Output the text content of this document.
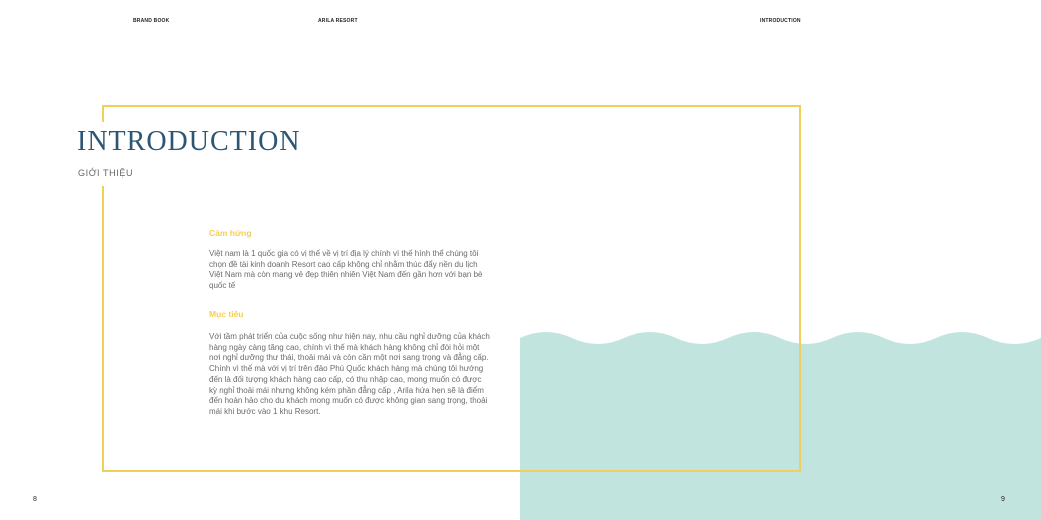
BRAND BOOK	ARILA RESORT	INTRODUCTION
INTRODUCTION
GIỚI THIỆU
Cảm hứng

Việt nam là 1 quốc gia có vị thế về vị trí địa lý chính vì thế hình thể chúng tôi chọn đề tài kinh doanh Resort cao cấp không chỉ nhằm thúc đẩy nền du lịch Việt Nam mà còn mang vẻ đẹp thiên nhiên Việt Nam đến gần hơn với bạn bè quốc tế

Mục tiêu

Với tầm phát triển của cuộc sống như hiện nay, nhu cầu nghỉ dưỡng của khách hàng ngày càng tăng cao, chính vì thế mà khách hàng không chỉ đòi hỏi một nơi nghỉ dưỡng thư thái, thoải mái và còn cần một nơi sang trọng và đẳng cấp. Chính vì thế mà với vị trí trên đảo Phú Quốc khách hàng mà chúng tôi hướng đến là đối tượng khách hàng cao cấp, có thu nhập cao, mong muốn có được kỳ nghỉ thoải mái nhưng không kém phần đẳng cấp , Arila hứa hẹn sẽ là điểm đến hoàn hảo cho du khách mong muốn có được không gian sang trọng, thoải mái khi bước vào 1 khu Resort.

8	9
